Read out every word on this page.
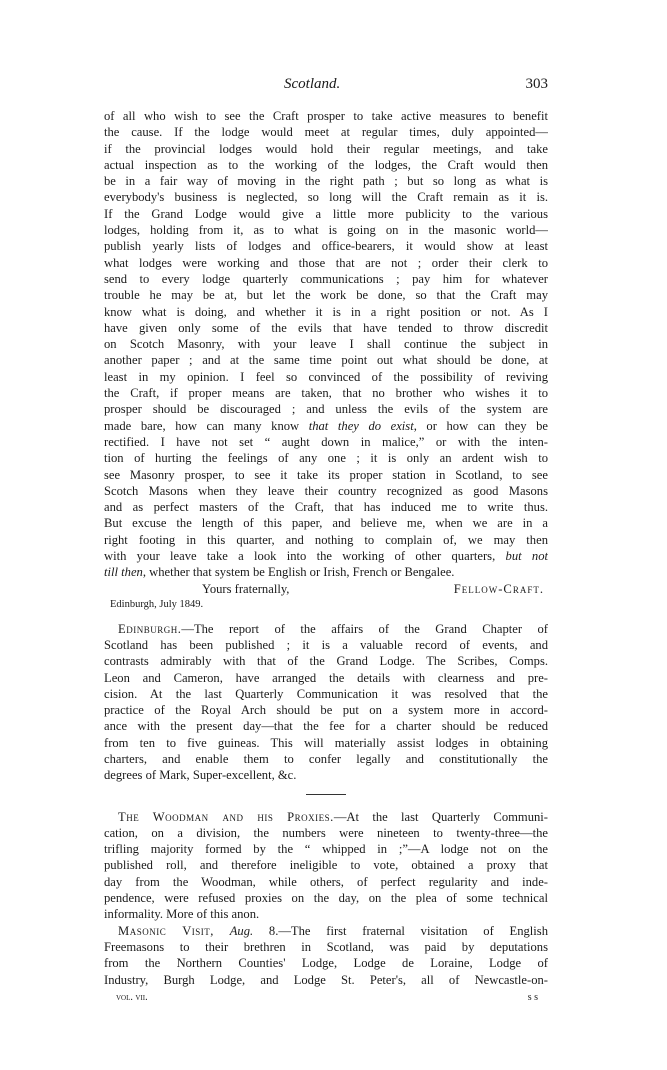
Scotland.	303

of all who wish to see the Craft prosper to take active measures to benefit
the cause. If the lodge would meet at regular times, duly appointed—
if the provincial lodges would hold their regular meetings, and take
actual inspection as to the working of the lodges, the Craft would then
be in a fair way of moving in the right path ; but so long as what is
everybody's business is neglected, so long will the Craft remain as it is.
If the Grand Lodge would give a little more publicity to the various
lodges, holding from it, as to what is going on in the masonic world—
publish yearly lists of lodges and office-bearers, it would show at least
what lodges were working and those that are not ; order their clerk to
send to every lodge quarterly communications ; pay him for whatever
trouble he may be at, but let the work be done, so that the Craft may
know what is doing, and whether it is in a right position or not. As I
have given only some of the evils that have tended to throw discredit
on Scotch Masonry, with your leave I shall continue the subject in
another paper ; and at the same time point out what should be done, at
least in my opinion. I feel so convinced of the possibility of reviving
the Craft, if proper means are taken, that no brother who wishes it to
prosper should be discouraged ; and unless the evils of the system are
made bare, how can many know that they do exist, or how can they be
rectified. I have not set “ aught down in malice,” or with the inten-
tion of hurting the feelings of any one ; it is only an ardent wish to
see Masonry prosper, to see it take its proper station in Scotland, to see
Scotch Masons when they leave their country recognized as good Masons
and as perfect masters of the Craft, that has induced me to write thus.
But excuse the length of this paper, and believe me, when we are in a
right footing in this quarter, and nothing to complain of, we may then
with your leave take a look into the working of other quarters, but not
till then, whether that system be English or Irish, French or Bengalee.

Yours fraternally,	Fellow-Craft.
Edinburgh, July 1849.

Edinburgh.—The report of the affairs of the Grand Chapter of
Scotland has been published ; it is a valuable record of events, and
contrasts admirably with that of the Grand Lodge. The Scribes, Comps.
Leon and Cameron, have arranged the details with clearness and pre-
cision. At the last Quarterly Communication it was resolved that the
practice of the Royal Arch should be put on a system more in accord-
ance with the present day—that the fee for a charter should be reduced
from ten to five guineas. This will materially assist lodges in obtaining
charters, and enable them to confer legally and constitutionally the
degrees of Mark, Super-excellent, &c.

The Woodman and his Proxies.—At the last Quarterly Communi-
cation, on a division, the numbers were nineteen to twenty-three—the
trifling majority formed by the “ whipped in ;”—A lodge not on the
published roll, and therefore ineligible to vote, obtained a proxy that
day from the Woodman, while others, of perfect regularity and inde-
pendence, were refused proxies on the day, on the plea of some technical
informality. More of this anon.

Masonic Visit, Aug. 8.—The first fraternal visitation of English
Freemasons to their brethren in Scotland, was paid by deputations
from the Northern Counties' Lodge, Lodge de Loraine, Lodge of
Industry, Burgh Lodge, and Lodge St. Peter's, all of Newcastle-on-

vol. vii.	s s
